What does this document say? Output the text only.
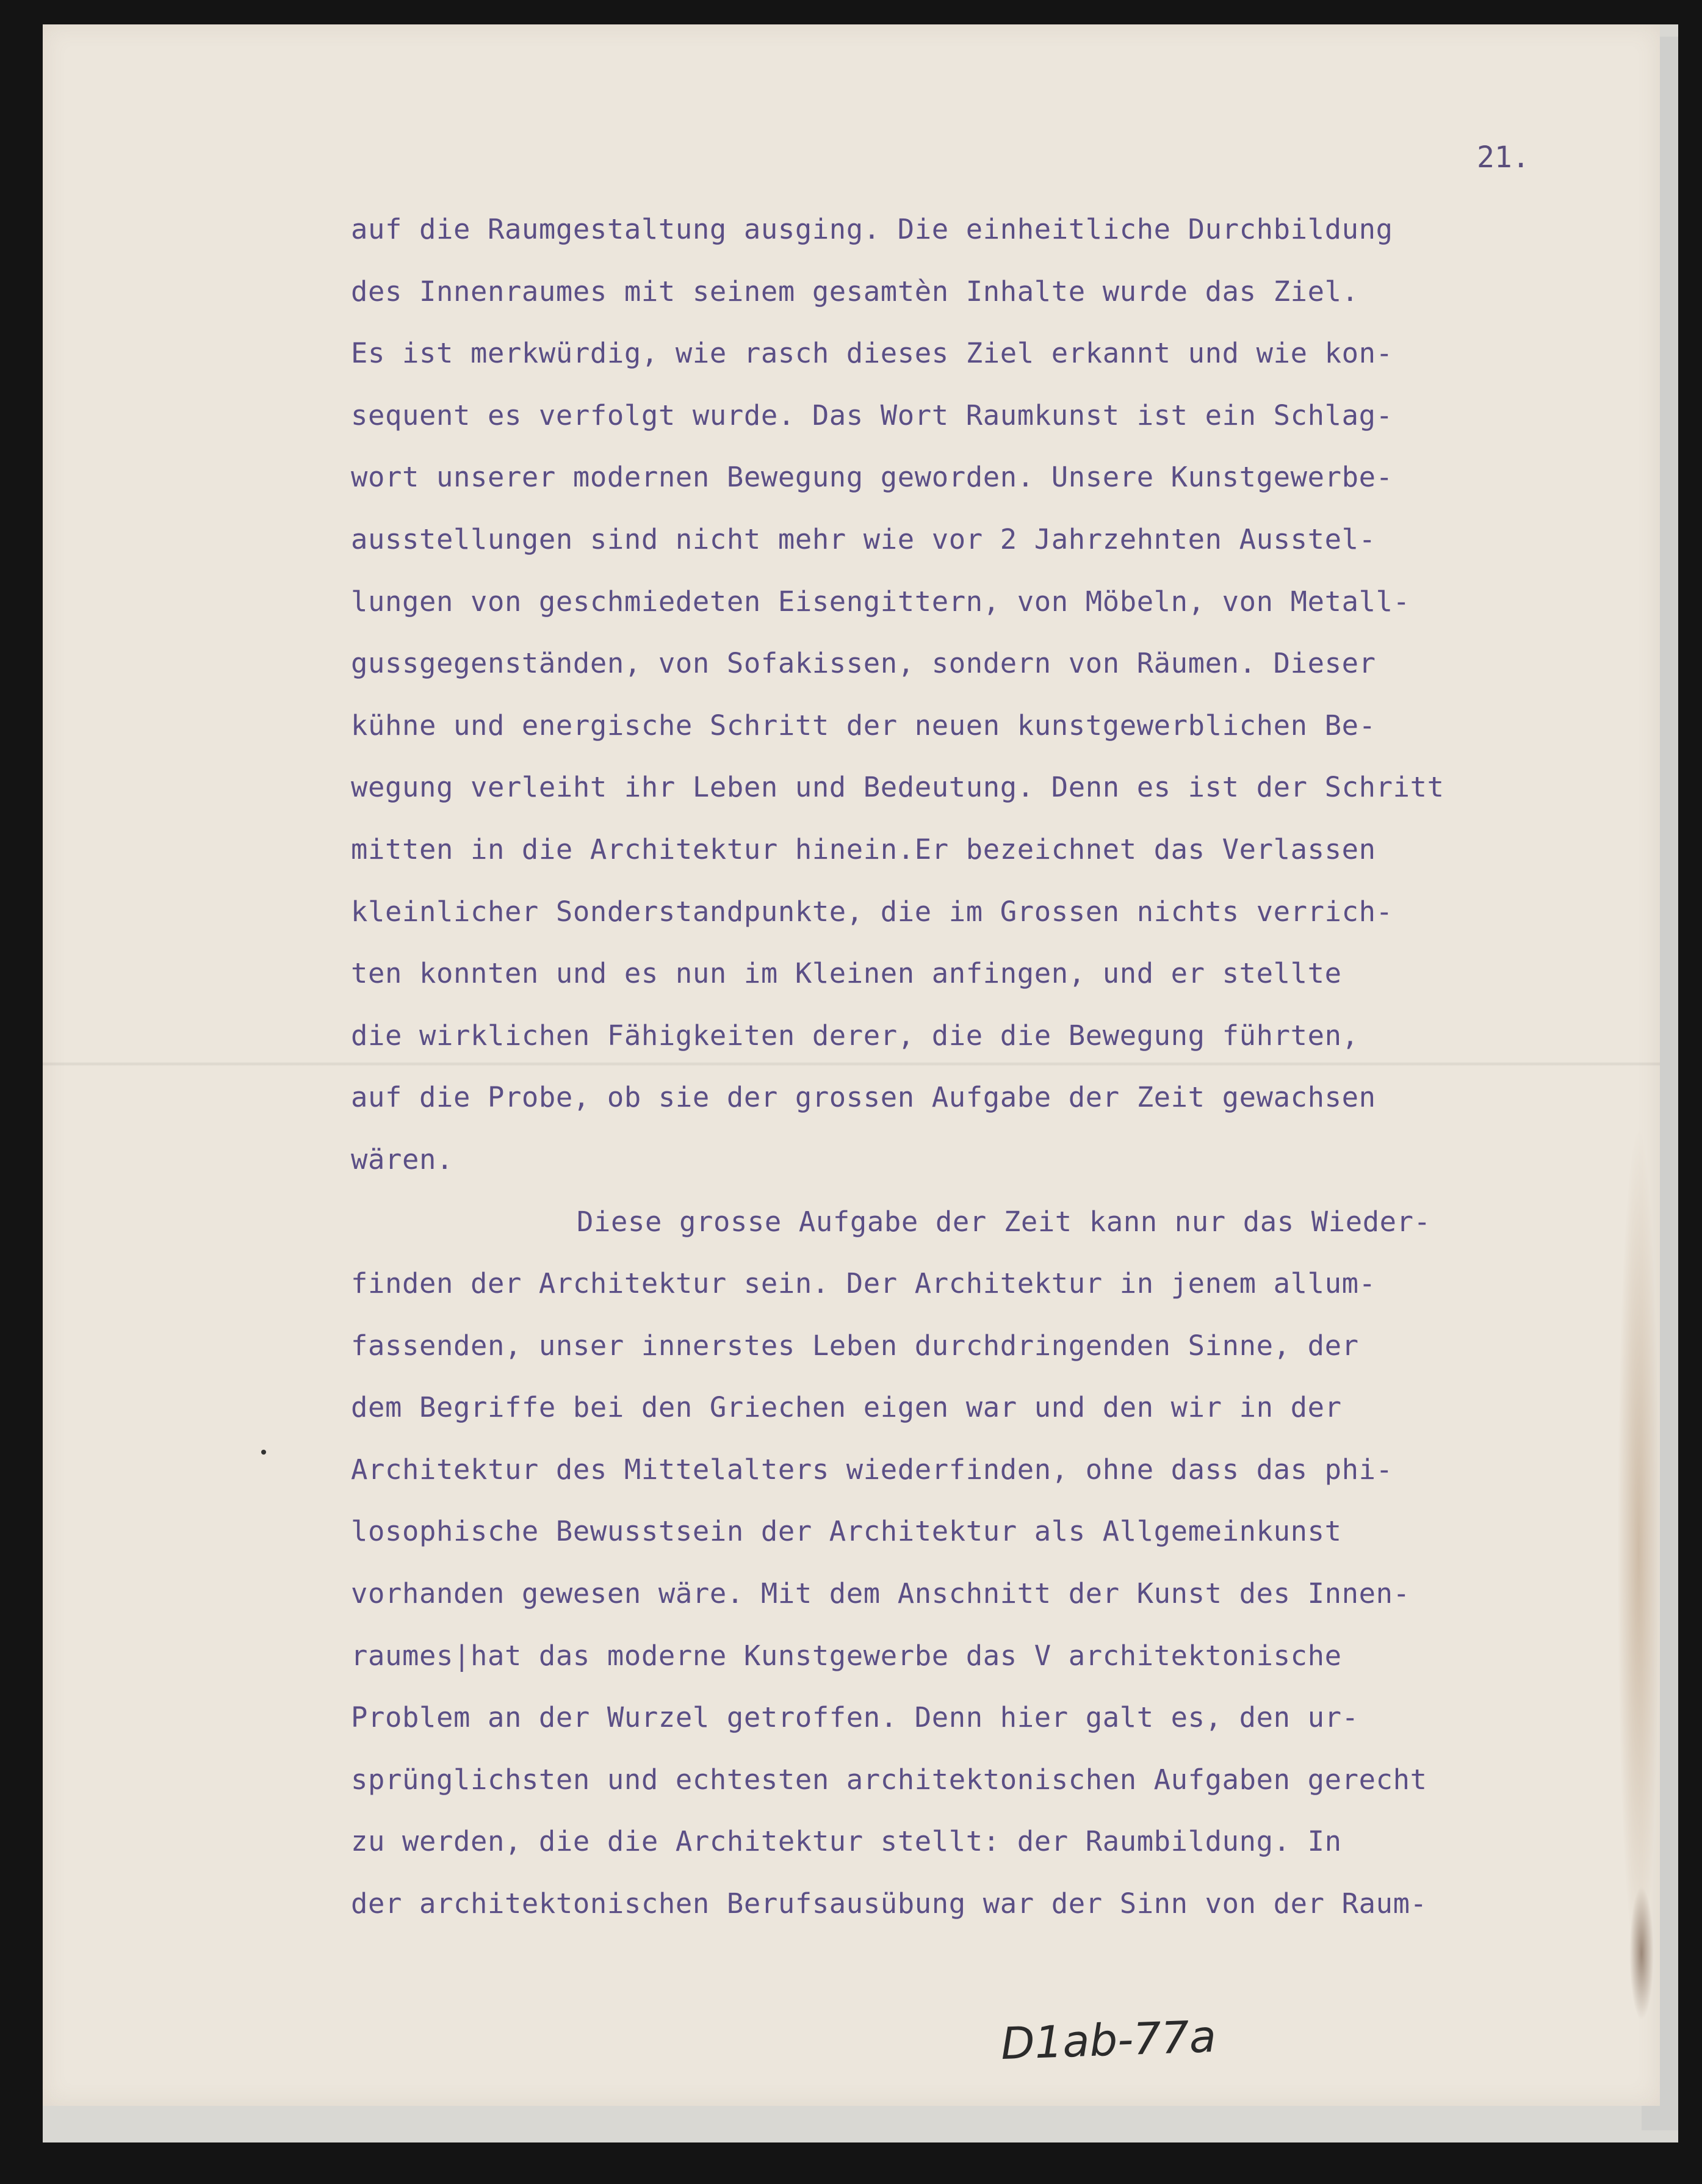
21.
auf die Raumgestaltung ausging. Die einheitliche Durchbildung
des Innenraumes mit seinem gesamtèn Inhalte wurde das Ziel.
Es ist merkwürdig, wie rasch dieses Ziel erkannt und wie kon-
sequent es verfolgt wurde. Das Wort Raumkunst ist ein Schlag-
wort unserer modernen Bewegung geworden. Unsere Kunstgewerbe-
ausstellungen sind nicht mehr wie vor 2 Jahrzehnten Ausstel-
lungen von geschmiedeten Eisengittern, von Möbeln, von Metall-
gussgegenständen, von Sofakissen, sondern von Räumen. Dieser
kühne und energische Schritt der neuen kunstgewerblichen Be-
wegung verleiht ihr Leben und Bedeutung. Denn es ist der Schritt
mitten in die Architektur hinein.Er bezeichnet das Verlassen
kleinlicher Sonderstandpunkte, die im Grossen nichts verrich-
ten konnten und es nun im Kleinen anfingen, und er stellte
die wirklichen Fähigkeiten derer, die die Bewegung führten,
auf die Probe, ob sie der grossen Aufgabe der Zeit gewachsen
wären.
Diese grosse Aufgabe der Zeit kann nur das Wieder-
finden der Architektur sein. Der Architektur in jenem allum-
fassenden, unser innerstes Leben durchdringenden Sinne, der
dem Begriffe bei den Griechen eigen war und den wir in der
Architektur des Mittelalters wiederfinden, ohne dass das phi-
losophische Bewusstsein der Architektur als Allgemeinkunst
vorhanden gewesen wäre. Mit dem Anschnitt der Kunst des Innen-
raumes|hat das moderne Kunstgewerbe das V architektonische
Problem an der Wurzel getroffen. Denn hier galt es, den ur-
sprünglichsten und echtesten architektonischen Aufgaben gerecht
zu werden, die die Architektur stellt: der Raumbildung. In
der architektonischen Berufsausübung war der Sinn von der Raum-
D1ab-77a
